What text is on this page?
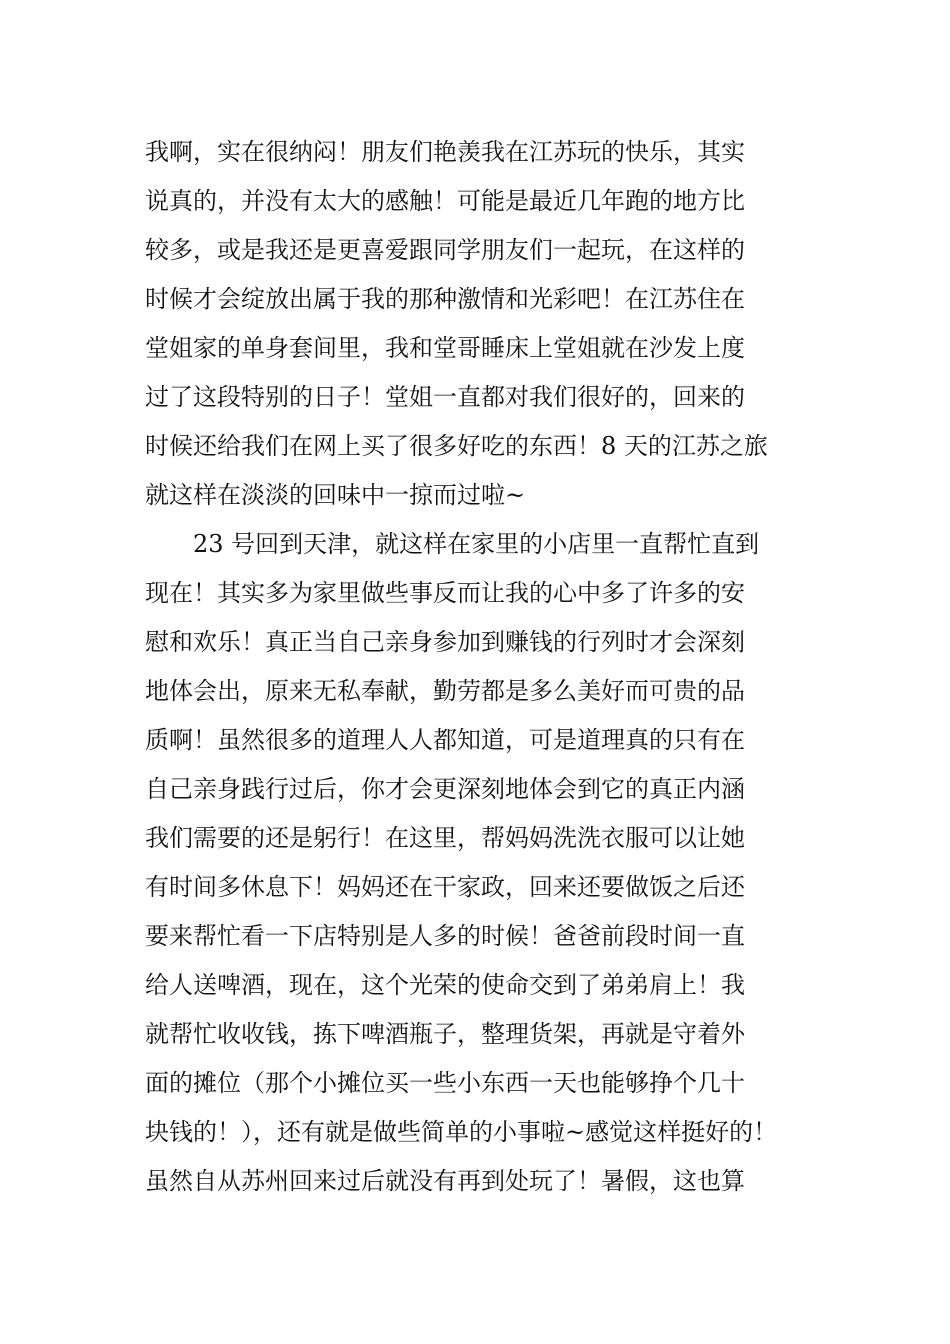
我啊，实在很纳闷！朋友们艳羡我在江苏玩的快乐，其实
说真的，并没有太大的感触！可能是最近几年跑的地方比
较多，或是我还是更喜爱跟同学朋友们一起玩，在这样的
时候才会绽放出属于我的那种激情和光彩吧！在江苏住在
堂姐家的单身套间里，我和堂哥睡床上堂姐就在沙发上度
过了这段特别的日子！堂姐一直都对我们很好的，回来的
时候还给我们在网上买了很多好吃的东西！8 天的江苏之旅
就这样在淡淡的回味中一掠而过啦~
23 号回到天津，就这样在家里的小店里一直帮忙直到
现在！其实多为家里做些事反而让我的心中多了许多的安
慰和欢乐！真正当自己亲身参加到赚钱的行列时才会深刻
地体会出，原来无私奉献，勤劳都是多么美好而可贵的品
质啊！虽然很多的道理人人都知道，可是道理真的只有在
自己亲身践行过后，你才会更深刻地体会到它的真正内涵
我们需要的还是躬行！在这里，帮妈妈洗洗衣服可以让她
有时间多休息下！妈妈还在干家政，回来还要做饭之后还
要来帮忙看一下店特别是人多的时候！爸爸前段时间一直
给人送啤酒，现在，这个光荣的使命交到了弟弟肩上！我
就帮忙收收钱，拣下啤酒瓶子，整理货架，再就是守着外
面的摊位（那个小摊位买一些小东西一天也能够挣个几十
块钱的！），还有就是做些简单的小事啦~感觉这样挺好的！
虽然自从苏州回来过后就没有再到处玩了！暑假，这也算
